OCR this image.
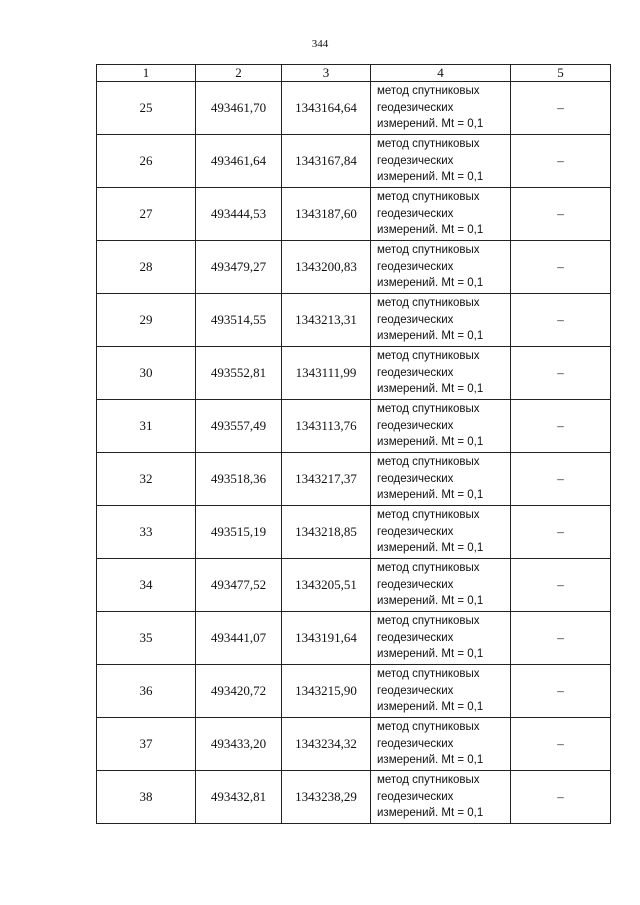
344
1	2	3	4	5
25	493461,70	1343164,64	метод спутниковых
геодезических
измерений. Mt = 0,1	–
26	493461,64	1343167,84	метод спутниковых
геодезических
измерений. Mt = 0,1	–
27	493444,53	1343187,60	метод спутниковых
геодезических
измерений. Mt = 0,1	–
28	493479,27	1343200,83	метод спутниковых
геодезических
измерений. Mt = 0,1	–
29	493514,55	1343213,31	метод спутниковых
геодезических
измерений. Mt = 0,1	–
30	493552,81	1343111,99	метод спутниковых
геодезических
измерений. Mt = 0,1	–
31	493557,49	1343113,76	метод спутниковых
геодезических
измерений. Mt = 0,1	–
32	493518,36	1343217,37	метод спутниковых
геодезических
измерений. Mt = 0,1	–
33	493515,19	1343218,85	метод спутниковых
геодезических
измерений. Mt = 0,1	–
34	493477,52	1343205,51	метод спутниковых
геодезических
измерений. Mt = 0,1	–
35	493441,07	1343191,64	метод спутниковых
геодезических
измерений. Mt = 0,1	–
36	493420,72	1343215,90	метод спутниковых
геодезических
измерений. Mt = 0,1	–
37	493433,20	1343234,32	метод спутниковых
геодезических
измерений. Mt = 0,1	–
38	493432,81	1343238,29	метод спутниковых
геодезических
измерений. Mt = 0,1	–
